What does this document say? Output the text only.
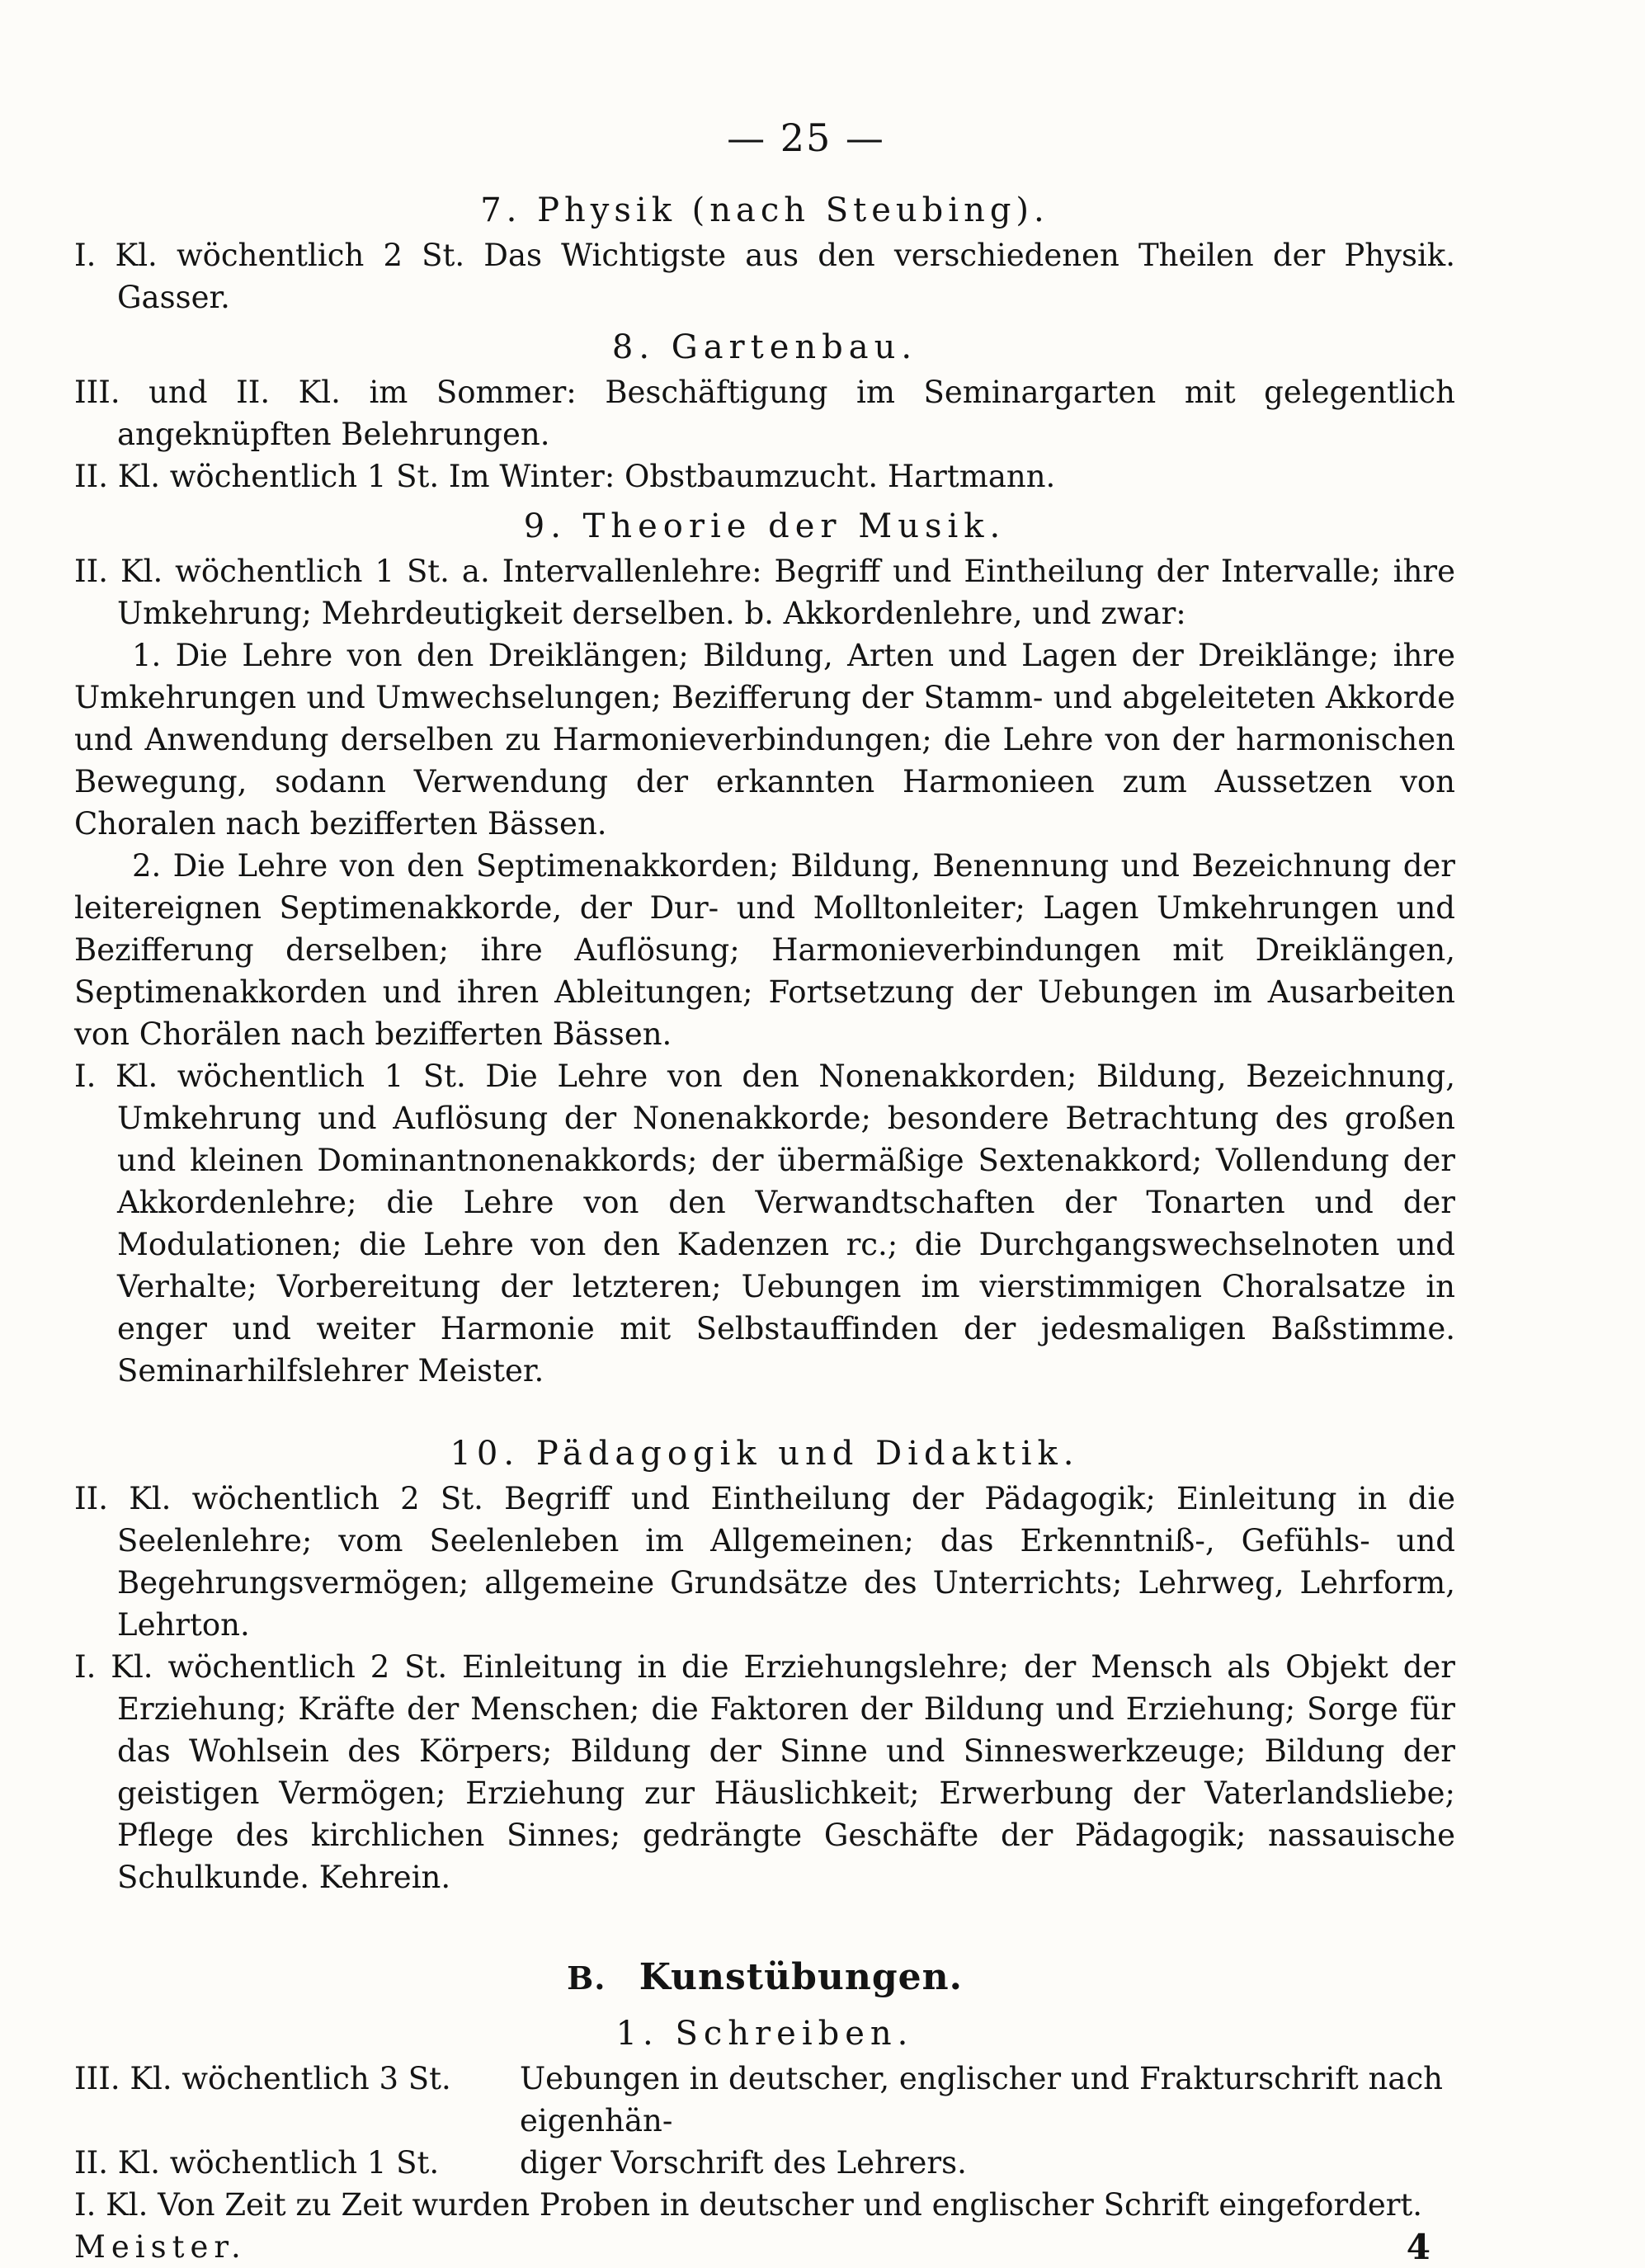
— 25 —
7. Physik (nach Steubing).

I. Kl. wöchentlich 2 St. Das Wichtigste aus den verschiedenen Theilen der Physik. Gasser.

8. Gartenbau.

III. und II. Kl. im Sommer: Beschäftigung im Seminargarten mit gelegentlich angeknüpften Belehrungen.

II. Kl. wöchentlich 1 St. Im Winter: Obstbaumzucht. Hartmann.

9. Theorie der Musik.

II. Kl. wöchentlich 1 St. a. Intervallenlehre: Begriff und Eintheilung der Intervalle; ihre Umkehrung; Mehrdeutigkeit derselben. b. Akkordenlehre, und zwar:

1. Die Lehre von den Dreiklängen; Bildung, Arten und Lagen der Dreiklänge; ihre Umkehrungen und Umwechselungen; Bezifferung der Stamm- und abgeleiteten Akkorde und Anwendung derselben zu Harmonieverbindungen; die Lehre von der harmonischen Bewegung, sodann Verwendung der erkannten Harmonieen zum Aussetzen von Choralen nach bezifferten Bässen.

2. Die Lehre von den Septimenakkorden; Bildung, Benennung und Bezeichnung der leitereignen Septimenakkorde, der Dur- und Molltonleiter; Lagen Umkehrungen und Bezifferung derselben; ihre Auflösung; Harmonieverbindungen mit Dreiklängen, Septimenakkorden und ihren Ableitungen; Fortsetzung der Uebungen im Ausarbeiten von Chorälen nach bezifferten Bässen.

I. Kl. wöchentlich 1 St. Die Lehre von den Nonenakkorden; Bildung, Bezeichnung, Umkehrung und Auflösung der Nonenakkorde; besondere Betrachtung des großen und kleinen Dominantnonenakkords; der übermäßige Sextenakkord; Vollendung der Akkordenlehre; die Lehre von den Verwandtschaften der Tonarten und der Modulationen; die Lehre von den Kadenzen rc.; die Durchgangswechselnoten und Verhalte; Vorbereitung der letzteren; Uebungen im vierstimmigen Choralsatze in enger und weiter Harmonie mit Selbstauffinden der jedesmaligen Baßstimme. Seminarhilfslehrer Meister.

10. Pädagogik und Didaktik.

II. Kl. wöchentlich 2 St. Begriff und Eintheilung der Pädagogik; Einleitung in die Seelenlehre; vom Seelenleben im Allgemeinen; das Erkenntniß-, Gefühls- und Begehrungsvermögen; allgemeine Grundsätze des Unterrichts; Lehrweg, Lehrform, Lehrton.

I. Kl. wöchentlich 2 St. Einleitung in die Erziehungslehre; der Mensch als Objekt der Erziehung; Kräfte der Menschen; die Faktoren der Bildung und Erziehung; Sorge für das Wohlsein des Körpers; Bildung der Sinne und Sinneswerkzeuge; Bildung der geistigen Vermögen; Erziehung zur Häuslichkeit; Erwerbung der Vaterlandsliebe; Pflege des kirchlichen Sinnes; gedrängte Geschäfte der Pädagogik; nassauische Schulkunde. Kehrein.

B. Kunstübungen.
1. Schreiben.
III. Kl. wöchentlich 3 St.	Uebungen in deutscher, englischer und Frakturschrift nach eigenhän-
II. Kl. wöchentlich 1 St.	diger Vorschrift des Lehrers.

I. Kl. Von Zeit zu Zeit wurden Proben in deutscher und englischer Schrift eingefordert.

Meister.	4
